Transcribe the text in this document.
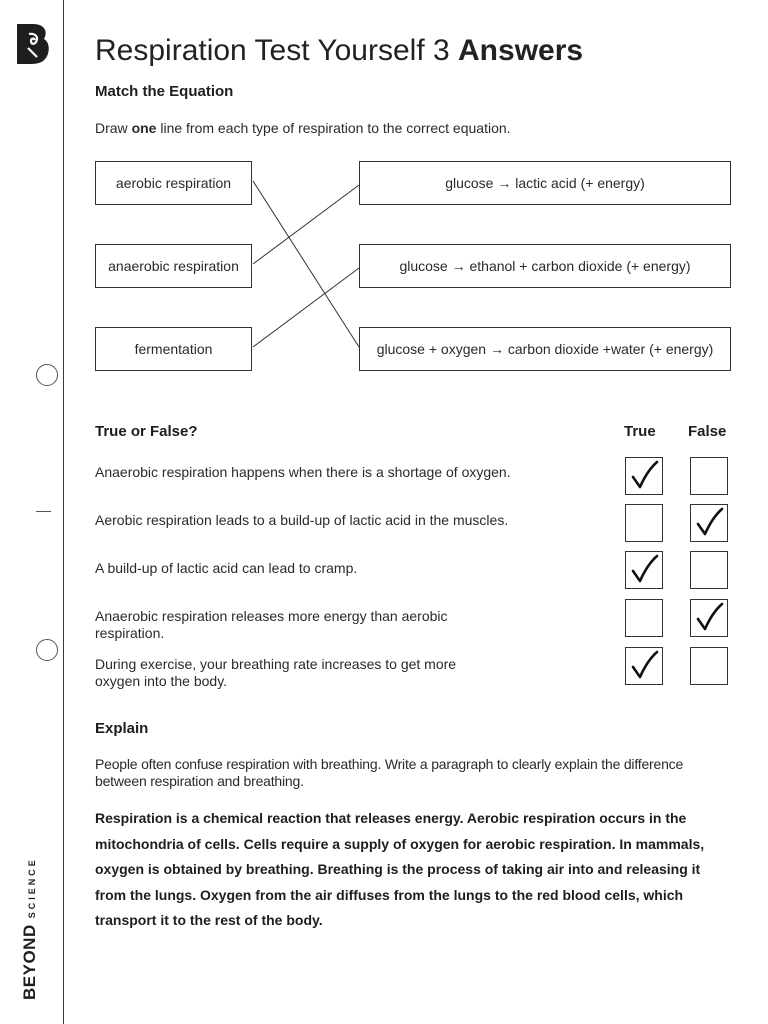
BEYOND
SCIENCE
Respiration Test Yourself 3 Answers
Match the Equation
Draw one line from each type of respiration to the correct equation.
aerobic respiration
anaerobic respiration
fermentation
glucose → lactic acid (+ energy)
glucose → ethanol + carbon dioxide (+ energy)
glucose + oxygen → carbon dioxide +water (+ energy)
True or False?	True False
Anaerobic respiration happens when there is a shortage of oxygen.
Aerobic respiration leads to a build-up of lactic acid in the muscles.
A build-up of lactic acid can lead to cramp.
Anaerobic respiration releases more energy than aerobic respiration.
During exercise, your breathing rate increases to get more oxygen into the body.
Explain
People often confuse respiration with breathing. Write a paragraph to clearly explain the difference between respiration and breathing.
Respiration is a chemical reaction that releases energy. Aerobic respiration occurs in the mitochondria of cells. Cells require a supply of oxygen for aerobic respiration. In mammals, oxygen is obtained by breathing. Breathing is the process of taking air into and releasing it from the lungs. Oxygen from the air diffuses from the lungs to the red blood cells, which transport it to the rest of the body.
